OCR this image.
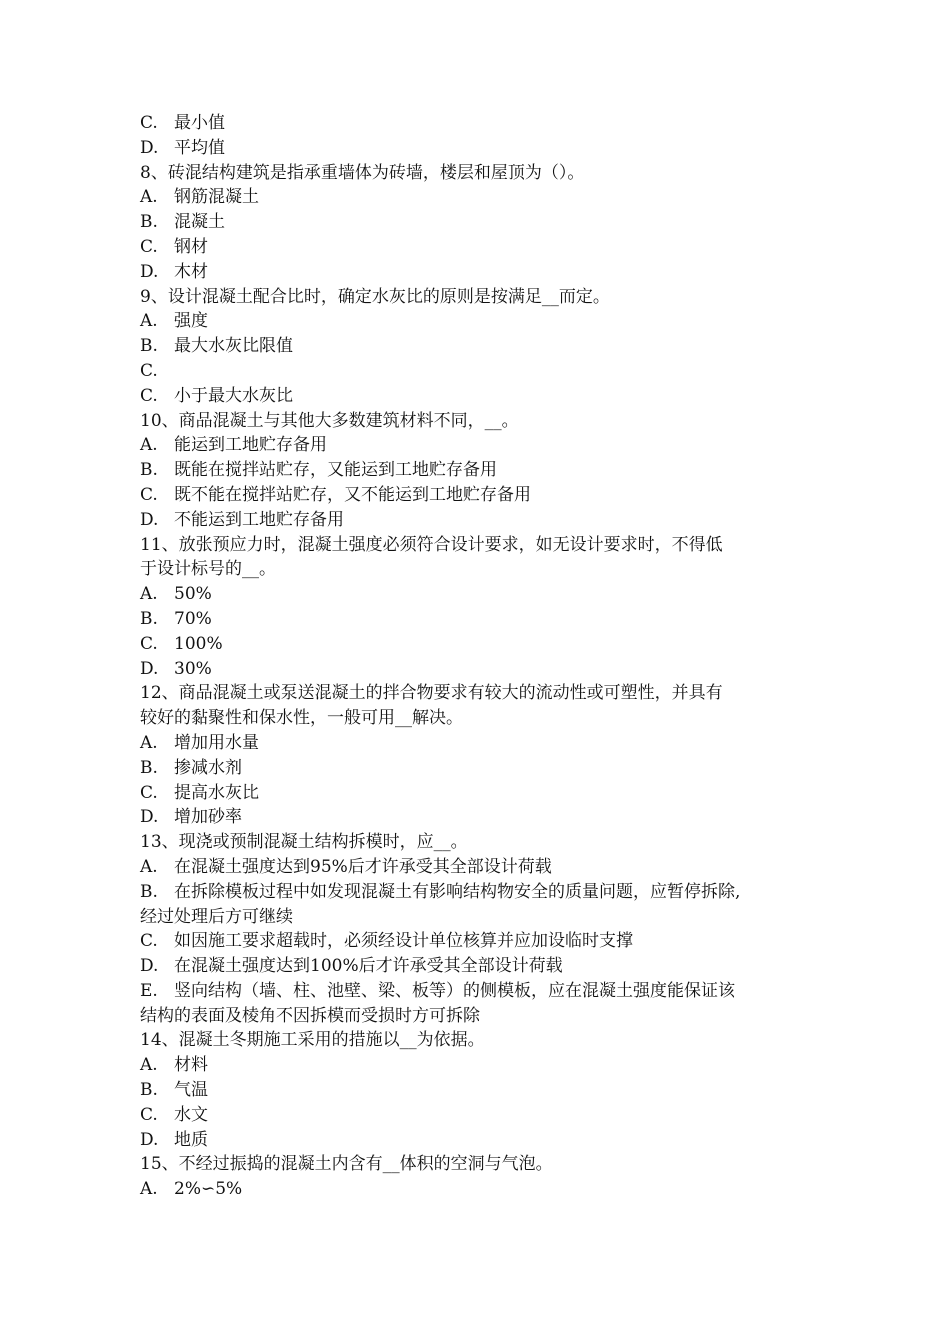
C. 最小值
D. 平均值
8、砖混结构建筑是指承重墙体为砖墙，楼层和屋顶为（）。
A. 钢筋混凝土
B. 混凝土
C. 钢材
D. 木材
9、设计混凝土配合比时，确定水灰比的原则是按满足__而定。
A. 强度
B. 最大水灰比限值
C.
C. 小于最大水灰比
10、商品混凝土与其他大多数建筑材料不同，__。
A. 能运到工地贮存备用
B. 既能在搅拌站贮存，又能运到工地贮存备用
C. 既不能在搅拌站贮存，又不能运到工地贮存备用
D. 不能运到工地贮存备用
11、放张预应力时，混凝土强度必须符合设计要求，如无设计要求时，不得低
于设计标号的__。
A. 50%
B. 70%
C. 100%
D. 30%
12、商品混凝土或泵送混凝土的拌合物要求有较大的流动性或可塑性，并具有
较好的黏聚性和保水性，一般可用__解决。
A. 增加用水量
B. 掺减水剂
C. 提高水灰比
D. 增加砂率
13、现浇或预制混凝土结构拆模时，应__。
A. 在混凝土强度达到95%后才许承受其全部设计荷载
B. 在拆除模板过程中如发现混凝土有影响结构物安全的质量问题，应暂停拆除,
经过处理后方可继续
C. 如因施工要求超载时，必须经设计单位核算并应加设临时支撑
D. 在混凝土强度达到100%后才许承受其全部设计荷载
E. 竖向结构（墙、柱、池壁、梁、板等）的侧模板，应在混凝土强度能保证该
结构的表面及棱角不因拆模而受损时方可拆除
14、混凝土冬期施工采用的措施以__为依据。
A. 材料
B. 气温
C. 水文
D. 地质
15、不经过振捣的混凝土内含有__体积的空洞与气泡。
A. 2%∽5%
